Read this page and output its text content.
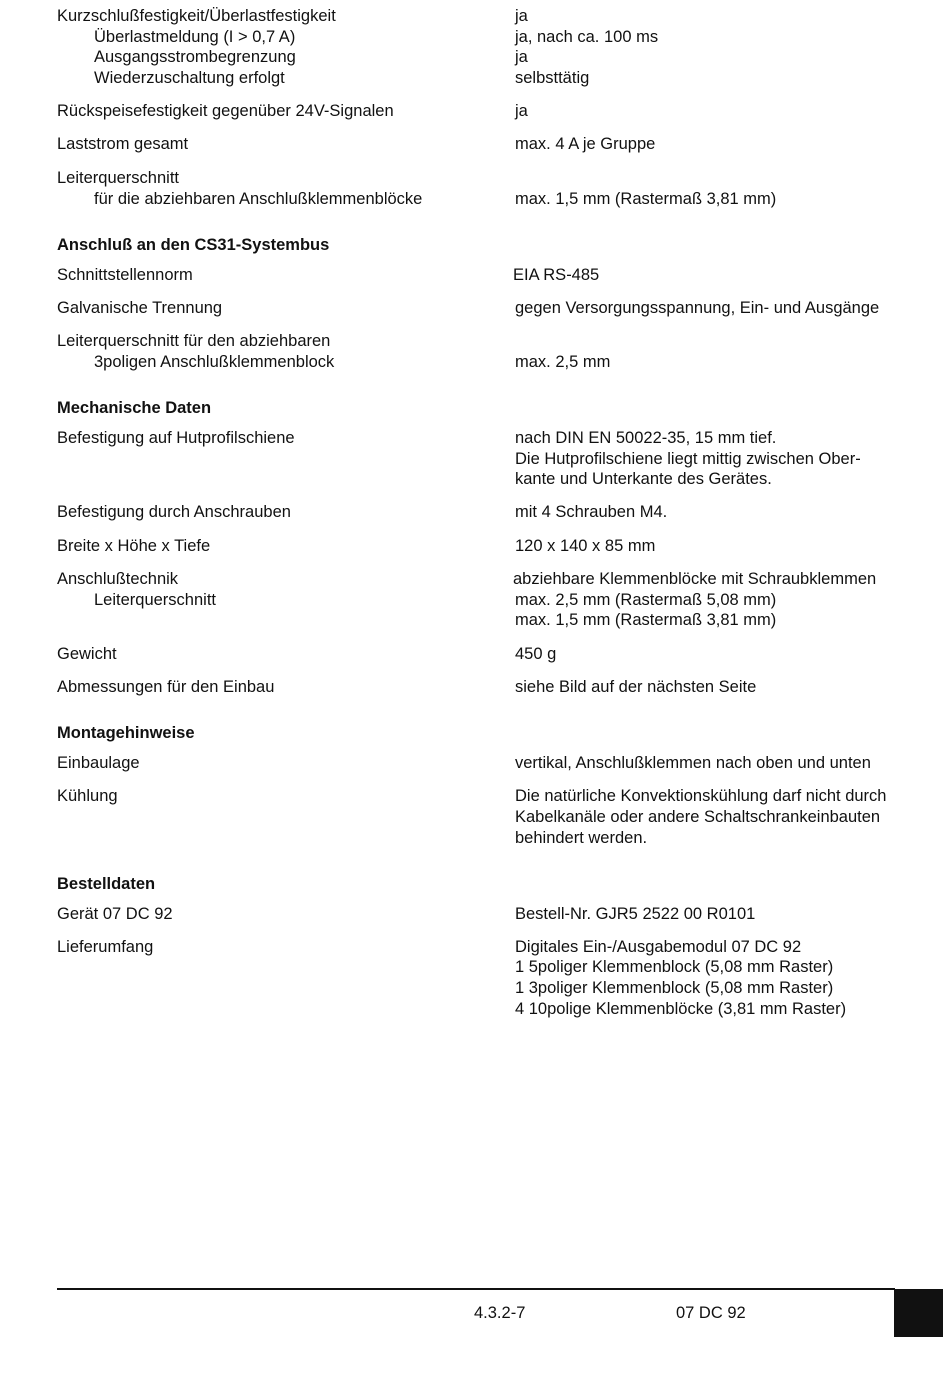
Kurzschlußfestigkeit/Überlastfestigkeit	ja
Überlastmeldung (I > 0,7 A)	ja, nach ca. 100 ms
Ausgangsstrombegrenzung	ja
Wiederzuschaltung erfolgt	selbsttätig
Rückspeisefestigkeit gegenüber 24V-Signalen	ja
Laststrom gesamt	max. 4 A je Gruppe
Leiterquerschnitt
für die abziehbaren Anschlußklemmenblöcke	max. 1,5 mm (Rastermaß 3,81 mm)
Anschluß an den CS31-Systembus
Schnittstellennorm	EIA RS-485
Galvanische Trennung	gegen Versorgungsspannung, Ein- und Ausgänge
Leiterquerschnitt für den abziehbaren
3poligen Anschlußklemmenblock	max. 2,5 mm
Mechanische Daten
Befestigung auf Hutprofilschiene	nach DIN EN 50022-35, 15 mm tief.
Die Hutprofilschiene liegt mittig zwischen Ober-
kante und Unterkante des Gerätes.
Befestigung durch Anschrauben	mit 4 Schrauben M4.
Breite x Höhe x Tiefe	120 x 140 x 85 mm
Anschlußtechnik	abziehbare Klemmenblöcke mit Schraubklemmen
Leiterquerschnitt	max. 2,5 mm (Rastermaß 5,08 mm)
max. 1,5 mm (Rastermaß 3,81 mm)
Gewicht	450 g
Abmessungen für den Einbau	siehe Bild auf der nächsten Seite
Montagehinweise
Einbaulage	vertikal, Anschlußklemmen nach oben und unten
Kühlung	Die natürliche Konvektionskühlung darf nicht durch
Kabelkanäle oder andere Schaltschrankeinbauten
behindert werden.
Bestelldaten
Gerät 07 DC 92	Bestell-Nr. GJR5 2522 00 R0101
Lieferumfang	Digitales Ein-/Ausgabemodul 07 DC 92
1 5poliger Klemmenblock (5,08 mm Raster)
1 3poliger Klemmenblock (5,08 mm Raster)
4 10polige Klemmenblöcke (3,81 mm Raster)
4.3.2-7	07 DC 92
